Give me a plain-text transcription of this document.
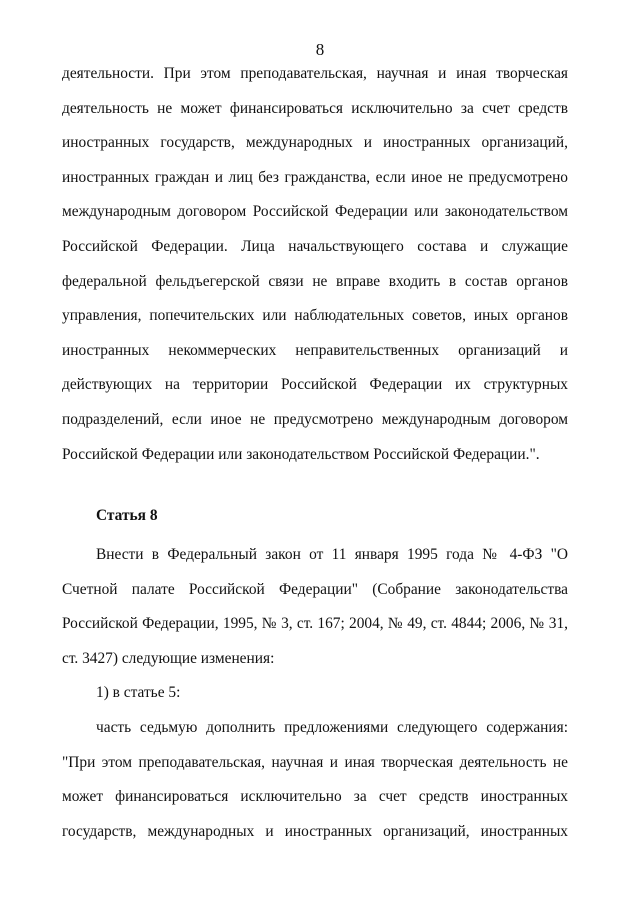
8
деятельности. При этом преподавательская, научная и иная творческая
деятельность не может финансироваться исключительно за счет средств
иностранных государств, международных и иностранных организаций,
иностранных граждан и лиц без гражданства, если иное не предусмотрено
международным договором Российской Федерации или законодательством
Российской Федерации. Лица начальствующего состава и служащие
федеральной фельдъегерской связи не вправе входить в состав органов
управления, попечительских или наблюдательных советов, иных органов
иностранных некоммерческих неправительственных организаций и
действующих на территории Российской Федерации их структурных
подразделений, если иное не предусмотрено международным договором
Российской Федерации или законодательством Российской Федерации.".
Статья 8
Внести в Федеральный закон от 11 января 1995 года № 4-ФЗ "О
Счетной палате Российской Федерации" (Собрание законодательства
Российской Федерации, 1995, № 3, ст. 167; 2004, № 49, ст. 4844; 2006, № 31,
ст. 3427) следующие изменения:
1) в статье 5:
часть седьмую дополнить предложениями следующего содержания:
"При этом преподавательская, научная и иная творческая деятельность не
может финансироваться исключительно за счет средств иностранных
государств, международных и иностранных организаций, иностранных
